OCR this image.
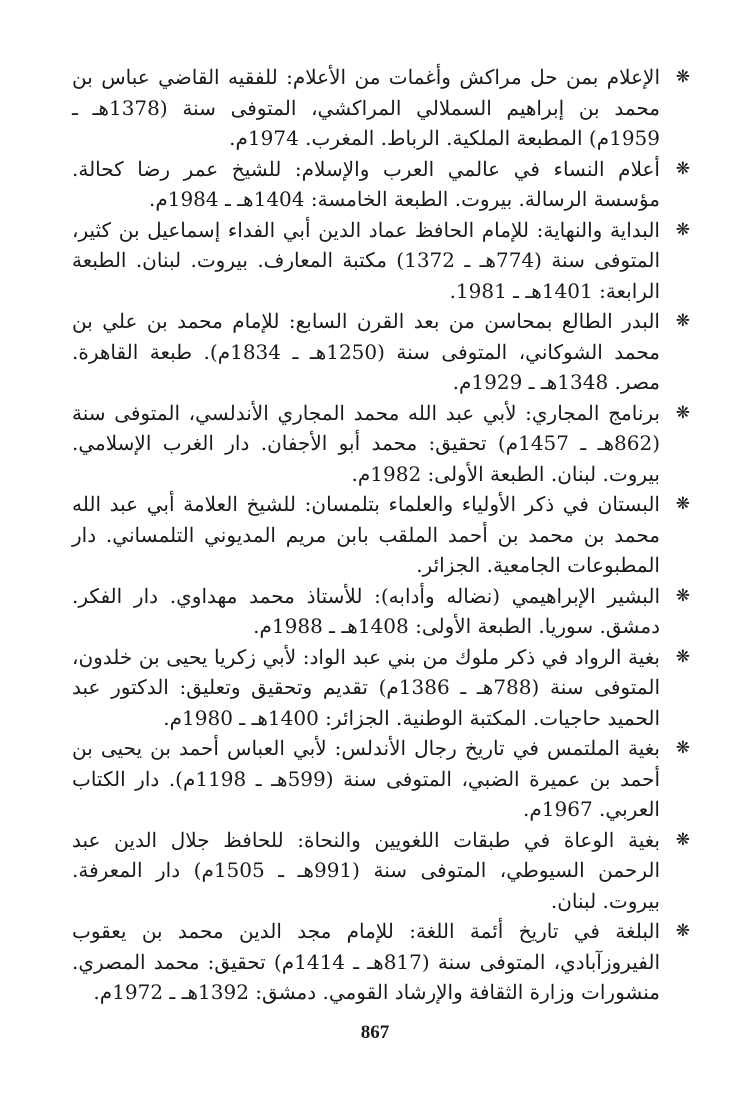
❋
الإعلام بمن حل مراكش وأغمات من الأعلام: للفقيه القاضي عباس بن محمد بن إبراهيم السملالي المراكشي، المتوفى سنة (1378هـ ـ 1959م) المطبعة الملكية. الرباط. المغرب. 1974م.
❋
أعلام النساء في عالمي العرب والإسلام: للشيخ عمر رضا كحالة. مؤسسة الرسالة. بيروت. الطبعة الخامسة: 1404هـ ـ 1984م.
❋
البداية والنهاية: للإمام الحافظ عماد الدين أبي الفداء إسماعيل بن كثير، المتوفى سنة (774هـ ـ 1372) مكتبة المعارف. بيروت. لبنان. الطبعة الرابعة: 1401هـ ـ 1981.
❋
البدر الطالع بمحاسن من بعد القرن السابع: للإمام محمد بن علي بن محمد الشوكاني، المتوفى سنة (1250هـ ـ 1834م). طبعة القاهرة. مصر. 1348هـ ـ 1929م.
❋
برنامج المجاري: لأبي عبد الله محمد المجاري الأندلسي، المتوفى سنة (862هـ ـ 1457م) تحقيق: محمد أبو الأجفان. دار الغرب الإسلامي. بيروت. لبنان. الطبعة الأولى: 1982م.
❋
البستان في ذكر الأولياء والعلماء بتلمسان: للشيخ العلامة أبي عبد الله محمد بن محمد بن أحمد الملقب بابن مريم المديوني التلمساني. دار المطبوعات الجامعية. الجزائر.
❋
البشير الإبراهيمي (نضاله وأدابه): للأستاذ محمد مهداوي. دار الفكر. دمشق. سوريا. الطبعة الأولى: 1408هـ ـ 1988م.
❋
بغية الرواد في ذكر ملوك من بني عبد الواد: لأبي زكريا يحيى بن خلدون، المتوفى سنة (788هـ ـ 1386م) تقديم وتحقيق وتعليق: الدكتور عبد الحميد حاجيات. المكتبة الوطنية. الجزائر: 1400هـ ـ 1980م.
❋
بغية الملتمس في تاريخ رجال الأندلس: لأبي العباس أحمد بن يحيى بن أحمد بن عميرة الضبي، المتوفى سنة (599هـ ـ 1198م). دار الكتاب العربي. 1967م.
❋
بغية الوعاة في طبقات اللغويين والنحاة: للحافظ جلال الدين عبد الرحمن السيوطي، المتوفى سنة (991هـ ـ 1505م) دار المعرفة. بيروت. لبنان.
❋
البلغة في تاريخ أئمة اللغة: للإمام مجد الدين محمد بن يعقوب الفيروزآبادي، المتوفى سنة (817هـ ـ 1414م) تحقيق: محمد المصري. منشورات وزارة الثقافة والإرشاد القومي. دمشق: 1392هـ ـ 1972م.
867
